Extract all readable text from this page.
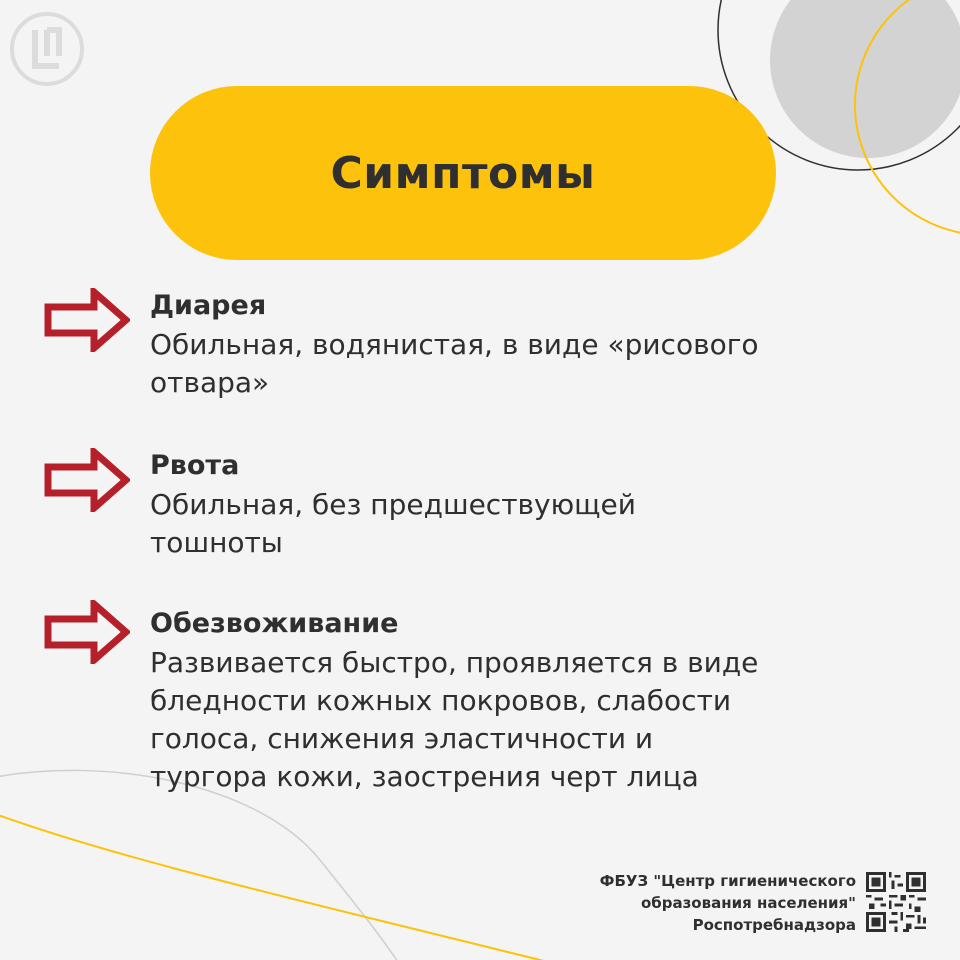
Симптомы
Диарея
Обильная, водянистая, в виде «рисового
отвара»
Рвота
Обильная, без предшествующей
тошноты
Обезвоживание
Развивается быстро, проявляется в виде
бледности кожных покровов, слабости
голоса, снижения эластичности и
тургора кожи, заострения черт лица
ФБУЗ "Центр гигиенического
образования населения"
Роспотребнадзора
